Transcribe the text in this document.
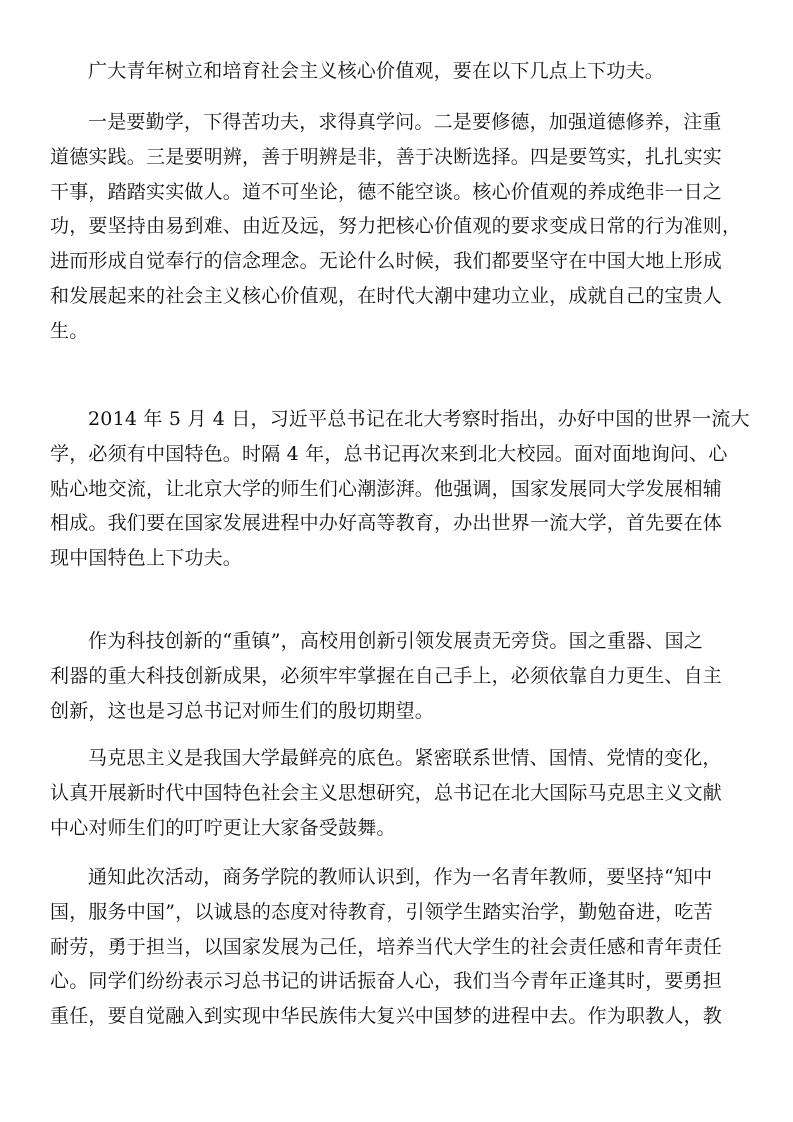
广大青年树立和培育社会主义核心价值观，要在以下几点上下功夫。

一是要勤学，下得苦功夫，求得真学问。二是要修德，加强道德修养，注重
道德实践。三是要明辨，善于明辨是非，善于决断选择。四是要笃实，扎扎实实
干事，踏踏实实做人。道不可坐论，德不能空谈。核心价值观的养成绝非一日之
功，要坚持由易到难、由近及远，努力把核心价值观的要求变成日常的行为准则，
进而形成自觉奉行的信念理念。无论什么时候，我们都要坚守在中国大地上形成
和发展起来的社会主义核心价值观，在时代大潮中建功立业，成就自己的宝贵人
生。

2014 年 5 月 4 日，习近平总书记在北大考察时指出，办好中国的世界一流大
学，必须有中国特色。时隔 4 年，总书记再次来到北大校园。面对面地询问、心
贴心地交流，让北京大学的师生们心潮澎湃。他强调，国家发展同大学发展相辅
相成。我们要在国家发展进程中办好高等教育，办出世界一流大学，首先要在体
现中国特色上下功夫。

作为科技创新的“重镇”，高校用创新引领发展责无旁贷。国之重器、国之
利器的重大科技创新成果，必须牢牢掌握在自己手上，必须依靠自力更生、自主
创新，这也是习总书记对师生们的殷切期望。

马克思主义是我国大学最鲜亮的底色。紧密联系世情、国情、党情的变化，
认真开展新时代中国特色社会主义思想研究，总书记在北大国际马克思主义文献
中心对师生们的叮咛更让大家备受鼓舞。

通知此次活动，商务学院的教师认识到，作为一名青年教师，要坚持“知中
国，服务中国”，以诚恳的态度对待教育，引领学生踏实治学，勤勉奋进，吃苦
耐劳，勇于担当，以国家发展为己任，培养当代大学生的社会责任感和青年责任
心。同学们纷纷表示习总书记的讲话振奋人心，我们当今青年正逢其时，要勇担
重任，要自觉融入到实现中华民族伟大复兴中国梦的进程中去。作为职教人，教
